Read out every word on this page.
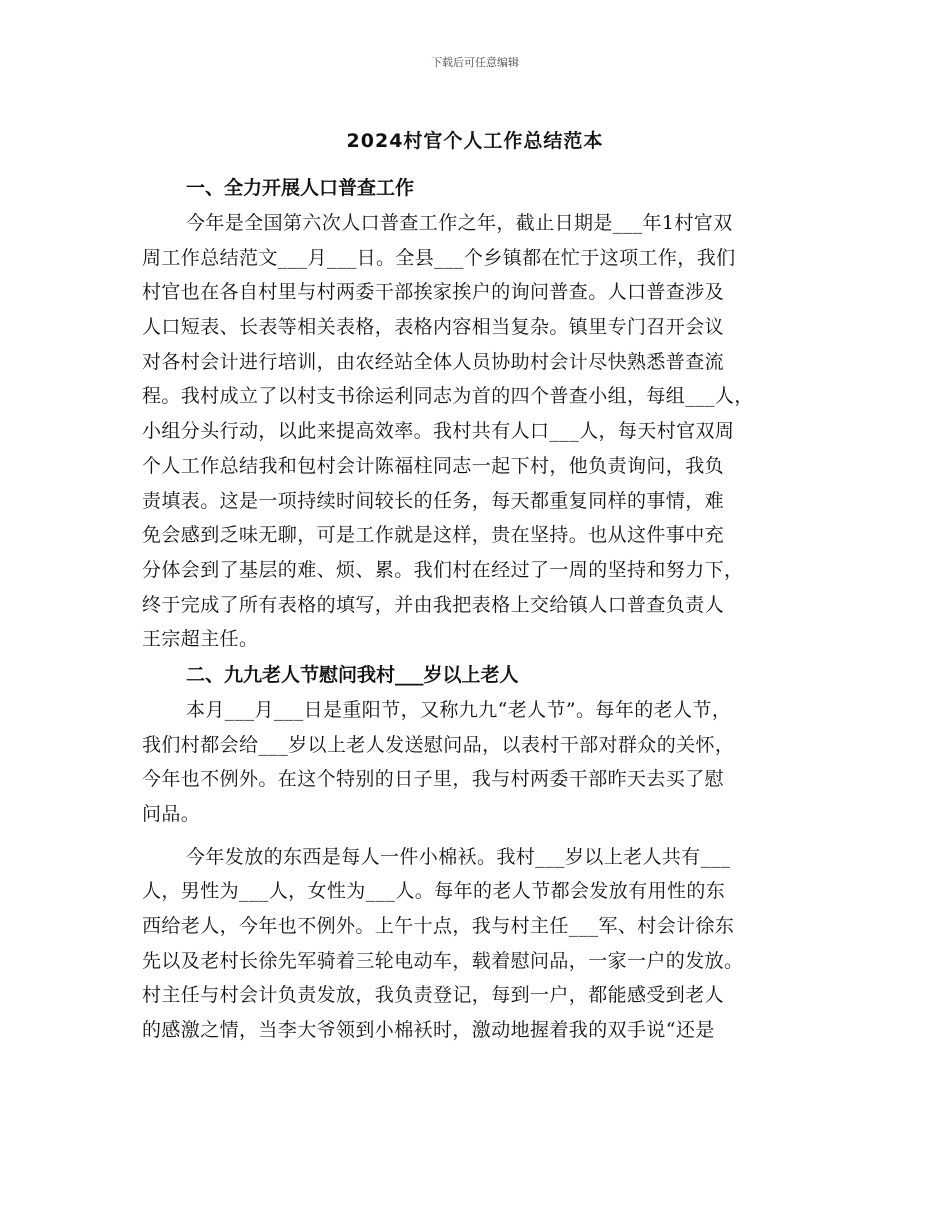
下载后可任意编辑
2024村官个人工作总结范本
一、全力开展人口普查工作
今年是全国第六次人口普查工作之年，截止日期是___年1村官双
周工作总结范文___月___日。全县___个乡镇都在忙于这项工作，我们
村官也在各自村里与村两委干部挨家挨户的询问普查。人口普查涉及
人口短表、长表等相关表格，表格内容相当复杂。镇里专门召开会议
对各村会计进行培训，由农经站全体人员协助村会计尽快熟悉普查流
程。我村成立了以村支书徐运利同志为首的四个普查小组，每组___人，
小组分头行动，以此来提高效率。我村共有人口___人，每天村官双周
个人工作总结我和包村会计陈福柱同志一起下村，他负责询问，我负
责填表。这是一项持续时间较长的任务，每天都重复同样的事情，难
免会感到乏味无聊，可是工作就是这样，贵在坚持。也从这件事中充
分体会到了基层的难、烦、累。我们村在经过了一周的坚持和努力下，
终于完成了所有表格的填写，并由我把表格上交给镇人口普查负责人
王宗超主任。
二、九九老人节慰问我村___岁以上老人
本月___月___日是重阳节，又称九九“老人节”。每年的老人节，
我们村都会给___岁以上老人发送慰问品，以表村干部对群众的关怀，
今年也不例外。在这个特别的日子里，我与村两委干部昨天去买了慰
问品。
今年发放的东西是每人一件小棉袄。我村___岁以上老人共有___
人，男性为___人，女性为___人。每年的老人节都会发放有用性的东
西给老人，今年也不例外。上午十点，我与村主任___军、村会计徐东
先以及老村长徐先军骑着三轮电动车，载着慰问品，一家一户的发放。
村主任与村会计负责发放，我负责登记，每到一户，都能感受到老人
的感激之情，当李大爷领到小棉袄时，激动地握着我的双手说“还是
